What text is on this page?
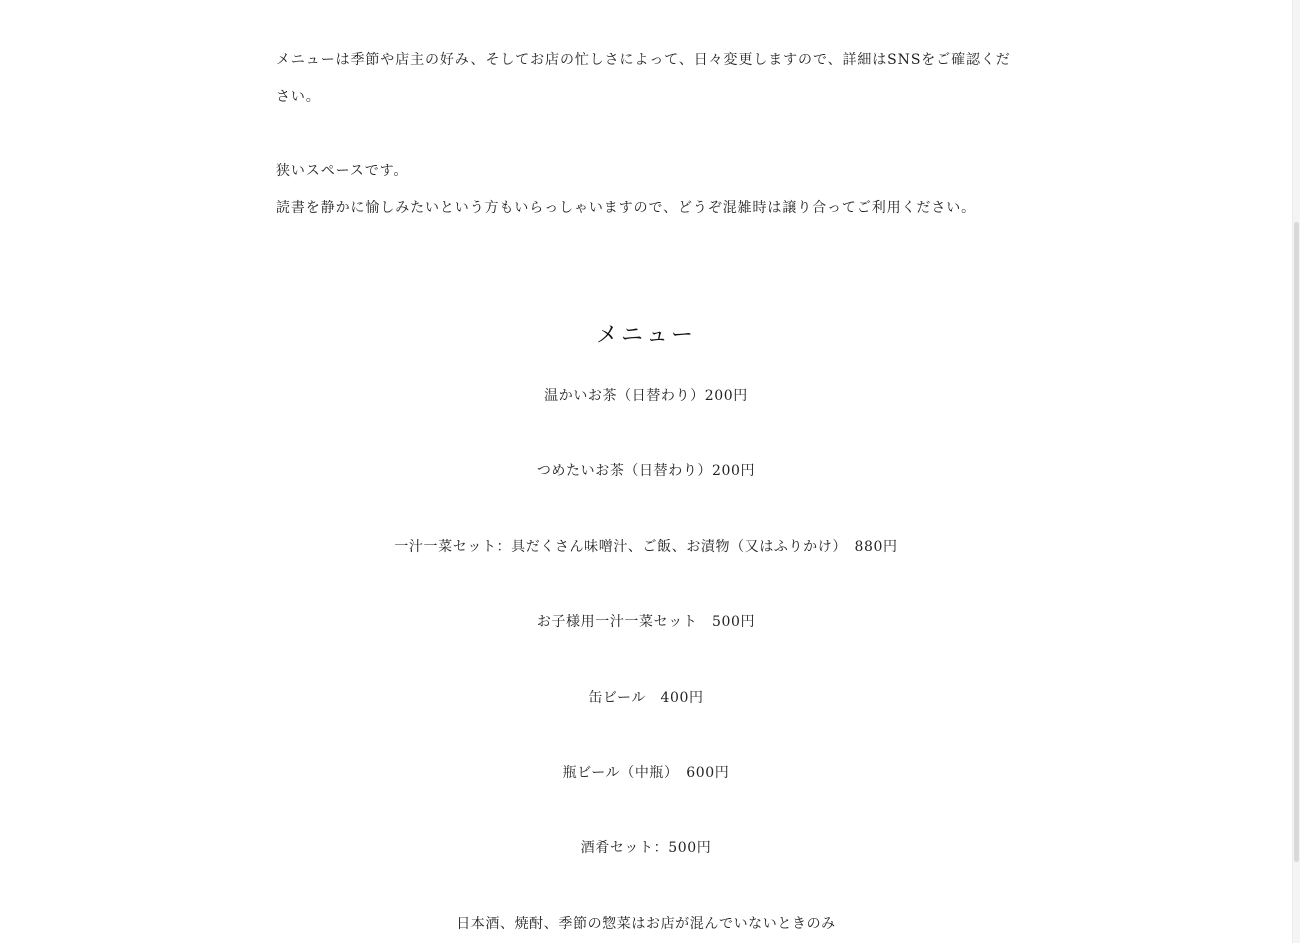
メニューは季節や店主の好み、そしてお店の忙しさによって、日々変更しますので、詳細はSNSをご確認ください。

狭いスペースです。

読書を静かに愉しみたいという方もいらっしゃいますので、どうぞ混雑時は譲り合ってご利用ください。

メニュー
温かいお茶（日替わり）200円
つめたいお茶（日替わり）200円
一汁一菜セット：具だくさん味噌汁、ご飯、お漬物（又はふりかけ）　880円
お子様用一汁一菜セット　500円
缶ビール　400円
瓶ビール（中瓶）　600円
酒肴セット：500円
日本酒、焼酎、季節の惣菜はお店が混んでいないときのみ
